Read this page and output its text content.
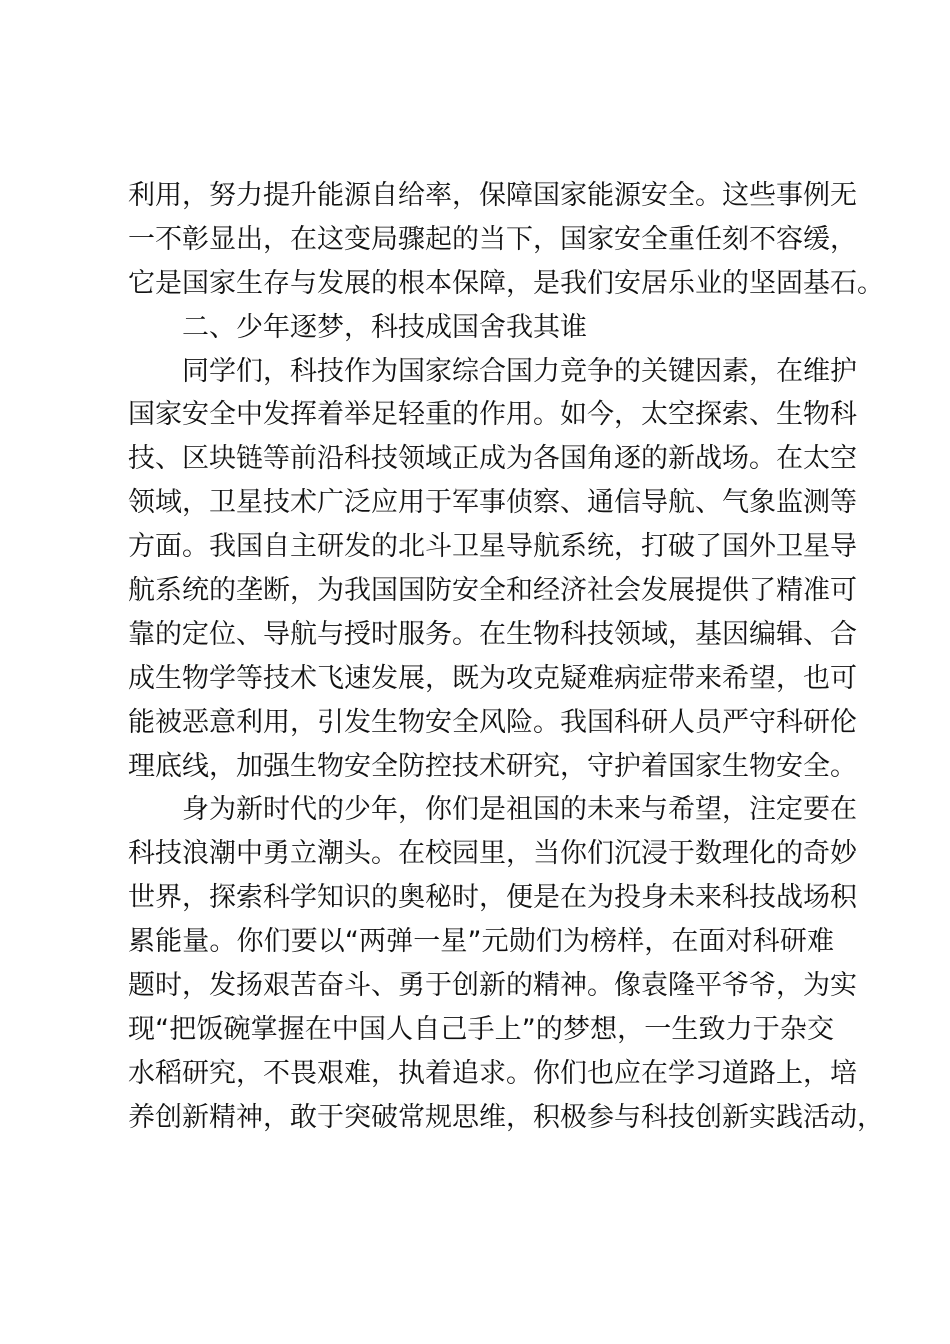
利用，努力提升能源自给率，保障国家能源安全。这些事例无
一不彰显出，在这变局骤起的当下，国家安全重任刻不容缓，
它是国家生存与发展的根本保障，是我们安居乐业的坚固基石。
二、少年逐梦，科技成国舍我其谁
同学们，科技作为国家综合国力竞争的关键因素，在维护
国家安全中发挥着举足轻重的作用。如今，太空探索、生物科
技、区块链等前沿科技领域正成为各国角逐的新战场。在太空
领域，卫星技术广泛应用于军事侦察、通信导航、气象监测等
方面。我国自主研发的北斗卫星导航系统，打破了国外卫星导
航系统的垄断，为我国国防安全和经济社会发展提供了精准可
靠的定位、导航与授时服务。在生物科技领域，基因编辑、合
成生物学等技术飞速发展，既为攻克疑难病症带来希望，也可
能被恶意利用，引发生物安全风险。我国科研人员严守科研伦
理底线，加强生物安全防控技术研究，守护着国家生物安全。
身为新时代的少年，你们是祖国的未来与希望，注定要在
科技浪潮中勇立潮头。在校园里，当你们沉浸于数理化的奇妙
世界，探索科学知识的奥秘时，便是在为投身未来科技战场积
累能量。你们要以“两弹一星”元勋们为榜样，在面对科研难
题时，发扬艰苦奋斗、勇于创新的精神。像袁隆平爷爷，为实
现“把饭碗掌握在中国人自己手上”的梦想，一生致力于杂交
水稻研究，不畏艰难，执着追求。你们也应在学习道路上，培
养创新精神，敢于突破常规思维，积极参与科技创新实践活动，
